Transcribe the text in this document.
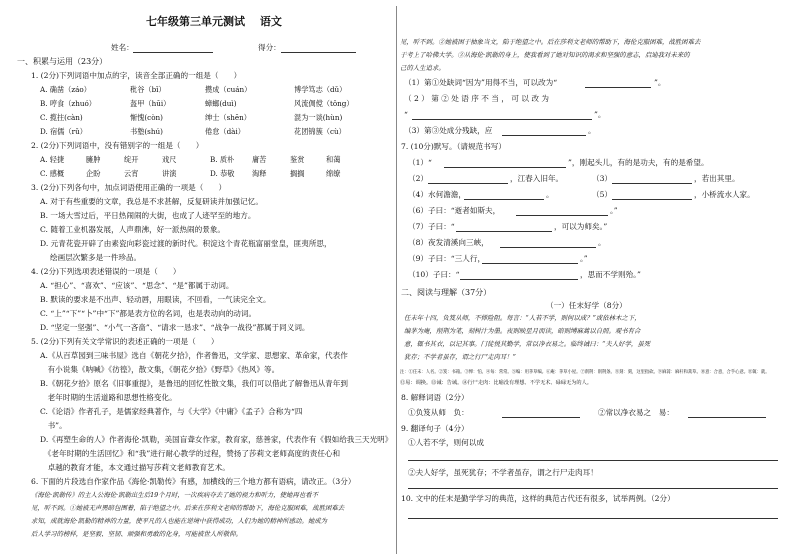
七年级第三单元测试　 语文
姓名：	得分：
一、积累与运用（23分）
1. (2分)下列词语中加点的字，读音全部正确的一组是（　　）
A. 确凿（záo）	秕谷（bǐ）	攒成（cuán）	博学笃志（dǔ）
B. 哼食（zhuó）	盔甲（hūi）	蟑螂(duì)	风流倜傥（tǒng）
C. 揽拄(càn)	惭愧(còn)	绅士（shēn）	混为一谈(hùn)
D. 宿儒（rǔ）	书塾(shú)	倦怠（dài）	花团锦簇（cù）
2. (2分)下列词语中，没有错别字的一组是（　　）
A. 轻捷	臃肿	绽开	戏尺	B. 质朴 庸苦	鉴赏	和蔼
C. 感概	企盼	云宵	讲演	D. 恭敬 淘释	搁搁	绵缭
3. (2分)下列各句中，加点词语使用正确的一项是（　　）
A. 对于有些重要的文章，我总是不求甚解，反复研读并加强记忆。
B. 一场大雪过后，平日热闹闹的大街，也成了人迹罕至的地方。
C. 随着工业机器发展，人声鼎沸，好一派热闹的景象。
D. 元青花瓷开辟了由素瓷向彩瓷过渡的新时代。积淀这个青花瓶富丽堂皇，匪夷所思，
　 绘画层次繁多是一件珍品。
4. (2分)下列选项表述错误的一项是（　　）
A. “担心”、“喜欢”、“应该”、“思念”、“是”都属于动词。
B. 默读的要求是不出声、轻动唇，用眼读，不回看，一气读完全文。
C. “上”“下”“卜”中“下”都是表方位的名词，也是表动向的动词。
D. “坚定一坚强”、“小气一吝啬”、“请求一恳求”、“战争一战役”都属于同义词。
5. (2分)下列有关文学常识的表述正确的一项是（　　）
A.《从百草园到三味书屋》选自《朝花夕拾》，作者鲁迅，文学家、思想家、革命家，代表作
　有小说集《呐喊》《彷徨》，散文集，《朝花夕拾》《野草》《热风》等。
B.《朝花夕拾》原名《旧事重提》，是鲁迅的回忆性散文集，我们可以借此了解鲁迅从青年到
　老年时期的生活道路和思想性格变化。
C.《论语》作者孔子，是儒家经典著作，与《大学》《中庸》《孟子》合称为“四
　书”。
D.《再塑生命的人》作者海伦·凯勒，美国盲聋女作家，教育家，慈善家，代表作有《假如给我三天光明》
　《老年时期的生活回忆》和“我”进行耐心教学的过程，赞扬了莎莉文老师高度的责任心和
　卓越的教育才能，本文通过描写莎莉文老师教育艺术。
6. 下面的片段选自作家作品《海伦·凯勒传》有感，加横线的三个地方都有语病，请改正。（3分）
《海伦·凯勒传》的主人公海伦·凯勒出生后19个月时，一次疾病夺去了她的视力和听力，使她再也看不
见，听不到。①她被无声黑暗包围着，陷于绝望之中。后来在莎利文老师的帮助下，海伦克服困难，战胜困难去
求知，成就海伦·凯勒的精神的力量，使平凡的人也能在逆境中获得成功，人们为她的精神所感动。她成为
后人学习的榜样，是坚毅、坚韧、顽强和勇敢的化身，可能被世人所敬仰。
见，听不到。②她被困于抽象当文，陷于绝望之中。后在莎利文老师的帮助下，海伦克服困难，战胜困难去
于考上了哈佛大学。③从海伦·凯勒的身上，使我看到了她对知识的渴求和坚强的意志，启迪我对未来的
己的人生追求。
（1）第①处缺词“因为”用得不当，可以改为“	”。
（ 2 ） 第 ② 处 语 序 不 当 ， 可 以 改 为
“	”。
（3）第③处成分残缺，应	。
7. (10分)默写。（请规范书写）
（1）“	”，刚起头儿，有的是功夫，有的是希望。
（2）	，江春入旧年。	（3）	，若出其里。
（4）水何澹澹，	。	（5）	，小桥流水人家。
（6）子曰：“逝者如斯夫，	。”
（7）子曰：“	，可以为师矣。”
（8）夜发清溪向三峡，	。
（9）子曰：“三人行，	。”
（10）子曰：“	，思而不学则殆。”
二、阅读与理解（37分）
（一）任末好学（8分）
任末年十四，负笈从师，不惮险阻。每言：“人若不学，则何以成？”或依林木之下，
编茅为庵，削荆为笔，刻树汁为墨。夜则映星月而读，暗则缚麻蒿以自照。观书有合
意，辄书其衣，以记其事。门徒悦其勤学，常以净衣易之。临终诫曰：“夫人好学，虽死
犹存；不学者虽存，谓之行尸走肉耳！”
注：①任末：人名。②笈：书箱。③惮：怕。④每：常常。⑤编：用茅草编。⑥庵：茅草小屋。⑦削荆：削荆条。⑧刻：刻，这里指砍。⑨麻蒿：麻秆和蒿草。⑩意：合意，合乎心意。⑪辄：就。
⑫易：调换。⑬诫：告诫。⑭行尸走肉：比喻没有理想、不学无术、碌碌无为的人。
8. 解释词语（2分）
①负笈从师　负：	②常以净衣易之　易：
9. 翻译句子（4分）
①人若不学，则何以成
②夫人好学，虽死犹存；不学者虽存，谓之行尸走肉耳！
10. 文中的任末是勤学学习的典范，这样的典范古代还有很多，试举两例。（2分）
